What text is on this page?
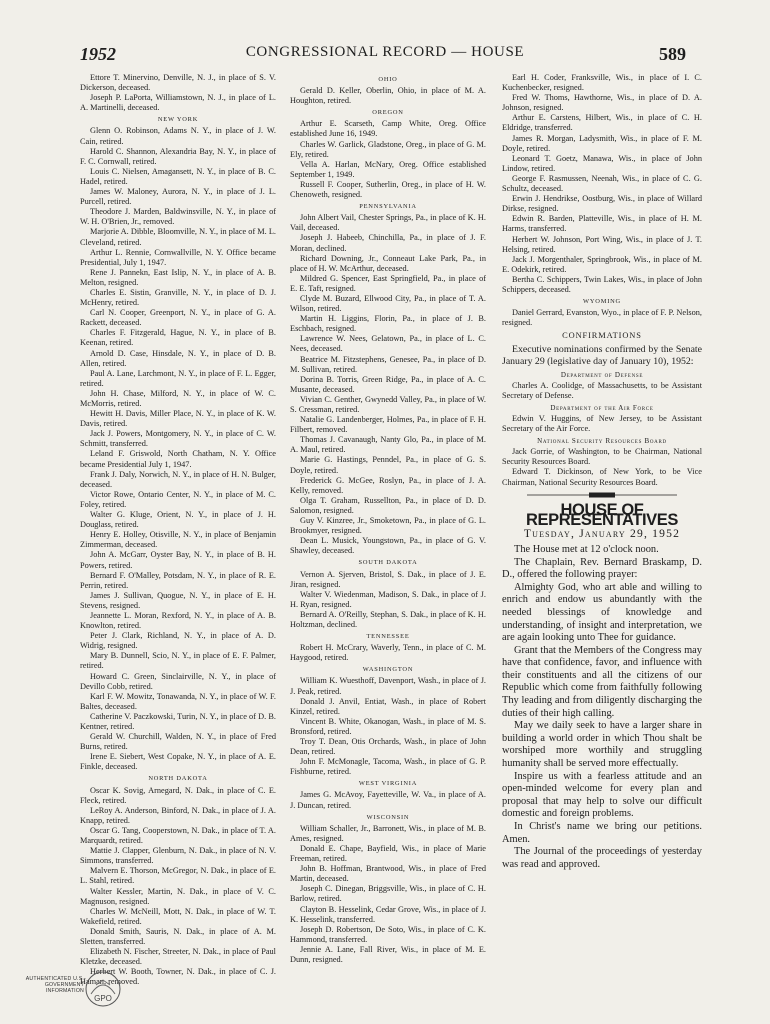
1952	CONGRESSIONAL RECORD — HOUSE	589

Ettore T. Minervino, Denville, N. J., in place of S. V. Dickerson, deceased.

Joseph P. LaPorta, Williamstown, N. J., in place of L. A. Martinelli, deceased.

NEW YORK

Glenn O. Robinson, Adams N. Y., in place of J. W. Cain, retired.

Harold C. Shannon, Alexandria Bay, N. Y., in place of F. C. Cornwall, retired.

Louis C. Nielsen, Amagansett, N. Y., in place of B. C. Hadel, retired.

James W. Maloney, Aurora, N. Y., in place of J. L. Purcell, retired.

Theodore J. Marden, Baldwinsville, N. Y., in place of W. H. O'Brien, Jr., removed.

Marjorie A. Dibble, Bloomville, N. Y., in place of M. L. Cleveland, retired.

Arthur L. Rennie, Cornwallville, N. Y. Office became Presidential, July 1, 1947.

Rene J. Pannekn, East Islip, N. Y., in place of A. B. Melton, resigned.

Charles E. Sistin, Granville, N. Y., in place of D. J. McHenry, retired.

Carl N. Cooper, Greenport, N. Y., in place of G. A. Rackett, deceased.

Charles F. Fitzgerald, Hague, N. Y., in place of B. Keenan, retired.

Arnold D. Case, Hinsdale, N. Y., in place of D. B. Allen, retired.

Paul A. Lane, Larchmont, N. Y., in place of F. L. Egger, retired.

John H. Chase, Milford, N. Y., in place of W. C. McMorris, retired.

Hewitt H. Davis, Miller Place, N. Y., in place of K. W. Davis, retired.

Jack J. Powers, Montgomery, N. Y., in place of C. W. Schmitt, transferred.

Leland F. Griswold, North Chatham, N. Y. Office became Presidential July 1, 1947.

Frank J. Daly, Norwich, N. Y., in place of H. N. Bulger, deceased.

Victor Rowe, Ontario Center, N. Y., in place of M. C. Foley, retired.

Walter G. Kluge, Orient, N. Y., in place of J. H. Douglass, retired.

Henry E. Holley, Otisville, N. Y., in place of Benjamin Zimmerman, deceased.

John A. McGarr, Oyster Bay, N. Y., in place of B. H. Powers, retired.

Bernard F. O'Malley, Potsdam, N. Y., in place of R. E. Perrin, retired.

James J. Sullivan, Quogue, N. Y., in place of E. H. Stevens, resigned.

Jeannette L. Moran, Rexford, N. Y., in place of A. B. Knowlton, retired.

Peter J. Clark, Richland, N. Y., in place of A. D. Widrig, resigned.

Mary B. Dunnell, Scio, N. Y., in place of E. F. Palmer, retired.

Howard C. Green, Sinclairville, N. Y., in place of Devillo Cobb, retired.

Karl F. W. Mowitz, Tonawanda, N. Y., in place of W. F. Baltes, deceased.

Catherine V. Paczkowski, Turin, N. Y., in place of D. B. Kentner, retired.

Gerald W. Churchill, Walden, N. Y., in place of Fred Burns, retired.

Irene E. Siebert, West Copake, N. Y., in place of A. E. Finkle, deceased.

NORTH DAKOTA

Oscar K. Sovig, Arnegard, N. Dak., in place of C. E. Fleck, retired.

LeRoy A. Anderson, Binford, N. Dak., in place of J. A. Knapp, retired.

Oscar G. Tang, Cooperstown, N. Dak., in place of T. A. Marquardt, retired.

Mattie J. Clapper, Glenburn, N. Dak., in place of N. V. Simmons, transferred.

Malvern E. Thorson, McGregor, N. Dak., in place of E. L. Stahl, retired.

Walter Kessler, Martin, N. Dak., in place of V. C. Magnuson, resigned.

Charles W. McNeill, Mott, N. Dak., in place of W. T. Wakefield, retired.

Donald Smith, Sauris, N. Dak., in place of A. M. Sletten, transferred.

Elizabeth N. Fischer, Streeter, N. Dak., in place of Paul Kletzke, deceased.

Herbert W. Booth, Towner, N. Dak., in place of C. J. Haman, removed.

OHIO

Gerald D. Keller, Oberlin, Ohio, in place of M. A. Houghton, retired.

OREGON

Arthur E. Scarseth, Camp White, Oreg. Office established June 16, 1949.

Charles W. Garlick, Gladstone, Oreg., in place of G. M. Ely, retired.

Vella A. Harlan, McNary, Oreg. Office established September 1, 1949.

Russell F. Cooper, Sutherlin, Oreg., in place of H. W. Chenoweth, resigned.

PENNSYLVANIA

John Albert Vail, Chester Springs, Pa., in place of K. H. Vail, deceased.

Joseph J. Habeeb, Chinchilla, Pa., in place of J. F. Moran, declined.

Richard Downing, Jr., Conneaut Lake Park, Pa., in place of H. W. McArthur, deceased.

Mildred G. Spencer, East Springfield, Pa., in place of E. E. Taft, resigned.

Clyde M. Buzard, Ellwood City, Pa., in place of T. A. Wilson, retired.

Martin H. Liggins, Florin, Pa., in place of J. B. Eschbach, resigned.

Lawrence W. Nees, Gelatown, Pa., in place of L. C. Nees, deceased.

Beatrice M. Fitzstephens, Genesee, Pa., in place of D. M. Sullivan, retired.

Dorina B. Torris, Green Ridge, Pa., in place of A. C. Musante, deceased.

Vivian C. Genther, Gwynedd Valley, Pa., in place of W. S. Cressman, retired.

Natalie G. Landenberger, Holmes, Pa., in place of F. H. Filbert, removed.

Thomas J. Cavanaugh, Nanty Glo, Pa., in place of M. A. Maul, retired.

Marie G. Hastings, Penndel, Pa., in place of G. S. Doyle, retired.

Frederick G. McGee, Roslyn, Pa., in place of J. A. Kelly, removed.

Olga T. Graham, Russellton, Pa., in place of D. D. Salomon, resigned.

Guy V. Kinzree, Jr., Smoketown, Pa., in place of G. L. Brookmyer, resigned.

Dean L. Musick, Youngstown, Pa., in place of G. V. Shawley, deceased.

SOUTH DAKOTA

Vernon A. Sjerven, Bristol, S. Dak., in place of J. E. Jiran, resigned.

Walter V. Wiedenman, Madison, S. Dak., in place of J. H. Ryan, resigned.

Bernard A. O'Reilly, Stephan, S. Dak., in place of K. H. Holtzman, declined.

TENNESSEE

Robert H. McCrary, Waverly, Tenn., in place of C. M. Haygood, retired.

WASHINGTON

William K. Wuesthoff, Davenport, Wash., in place of J. J. Peak, retired.

Donald J. Anvil, Entiat, Wash., in place of Robert Kinzel, retired.

Vincent B. White, Okanogan, Wash., in place of M. S. Bronsford, retired.

Troy T. Dean, Otis Orchards, Wash., in place of John Dean, retired.

John F. McMonagle, Tacoma, Wash., in place of G. P. Fishburne, retired.

WEST VIRGINIA

James G. McAvoy, Fayetteville, W. Va., in place of A. J. Duncan, retired.

WISCONSIN

William Schaller, Jr., Barronett, Wis., in place of M. B. Ames, resigned.

Donald E. Chape, Bayfield, Wis., in place of Marie Freeman, retired.

John B. Hoffman, Brantwood, Wis., in place of Fred Martin, deceased.

Joseph C. Dinegan, Briggsville, Wis., in place of C. H. Barlow, retired.

Clayton B. Hesselink, Cedar Grove, Wis., in place of J. K. Hesselink, transferred.

Joseph D. Robertson, De Soto, Wis., in place of C. K. Hammond, transferred.

Jennie A. Lane, Fall River, Wis., in place of M. E. Dunn, resigned.

Earl H. Coder, Franksville, Wis., in place of I. C. Kuchenbecker, resigned.

Fred W. Thoms, Hawthorne, Wis., in place of D. A. Johnson, resigned.

Arthur E. Carstens, Hilbert, Wis., in place of C. H. Eldridge, transferred.

James R. Morgan, Ladysmith, Wis., in place of F. M. Doyle, retired.

Leonard T. Goetz, Manawa, Wis., in place of John Lindow, retired.

George F. Rasmussen, Neenah, Wis., in place of C. G. Schultz, deceased.

Erwin J. Hendrikse, Oostburg, Wis., in place of Willard Dirkse, resigned.

Edwin R. Barden, Platteville, Wis., in place of H. M. Harms, transferred.

Herbert W. Johnson, Port Wing, Wis., in place of J. T. Helsing, retired.

Jack J. Morgenthaler, Springbrook, Wis., in place of M. E. Odekirk, retired.

Bertha C. Schippers, Twin Lakes, Wis., in place of John Schippers, deceased.

WYOMING

Daniel Gerrard, Evanston, Wyo., in place of F. P. Nelson, resigned.

CONFIRMATIONS

Executive nominations confirmed by the Senate January 29 (legislative day of January 10), 1952:

Department of Defense

Charles A. Coolidge, of Massachusetts, to be Assistant Secretary of Defense.

Department of the Air Force

Edwin V. Huggins, of New Jersey, to be Assistant Secretary of the Air Force.

National Security Resources Board

Jack Gorrie, of Washington, to be Chairman, National Security Resources Board.

Edward T. Dickinson, of New York, to be Vice Chairman, National Security Resources Board.

HOUSE OF REPRESENTATIVES
Tuesday, January 29, 1952

The House met at 12 o'clock noon.

The Chaplain, Rev. Bernard Braskamp, D. D., offered the following prayer:

Almighty God, who art able and willing to enrich and endow us abundantly with the needed blessings of knowledge and understanding, of insight and interpretation, we are again looking unto Thee for guidance.

Grant that the Members of the Congress may have that confidence, favor, and influence with their constituents and all the citizens of our Republic which come from faithfully following Thy leading and from diligently discharging the duties of their high calling.

May we daily seek to have a larger share in building a world order in which Thou shalt be worshiped more worthily and struggling humanity shall be served more effectually.

Inspire us with a fearless attitude and an open-minded welcome for every plan and proposal that may help to solve our difficult domestic and foreign problems.

In Christ's name we bring our petitions. Amen.

The Journal of the proceedings of yesterday was read and approved.

AUTHENTICATED U.S. GOVERNMENT INFORMATION
GPO
